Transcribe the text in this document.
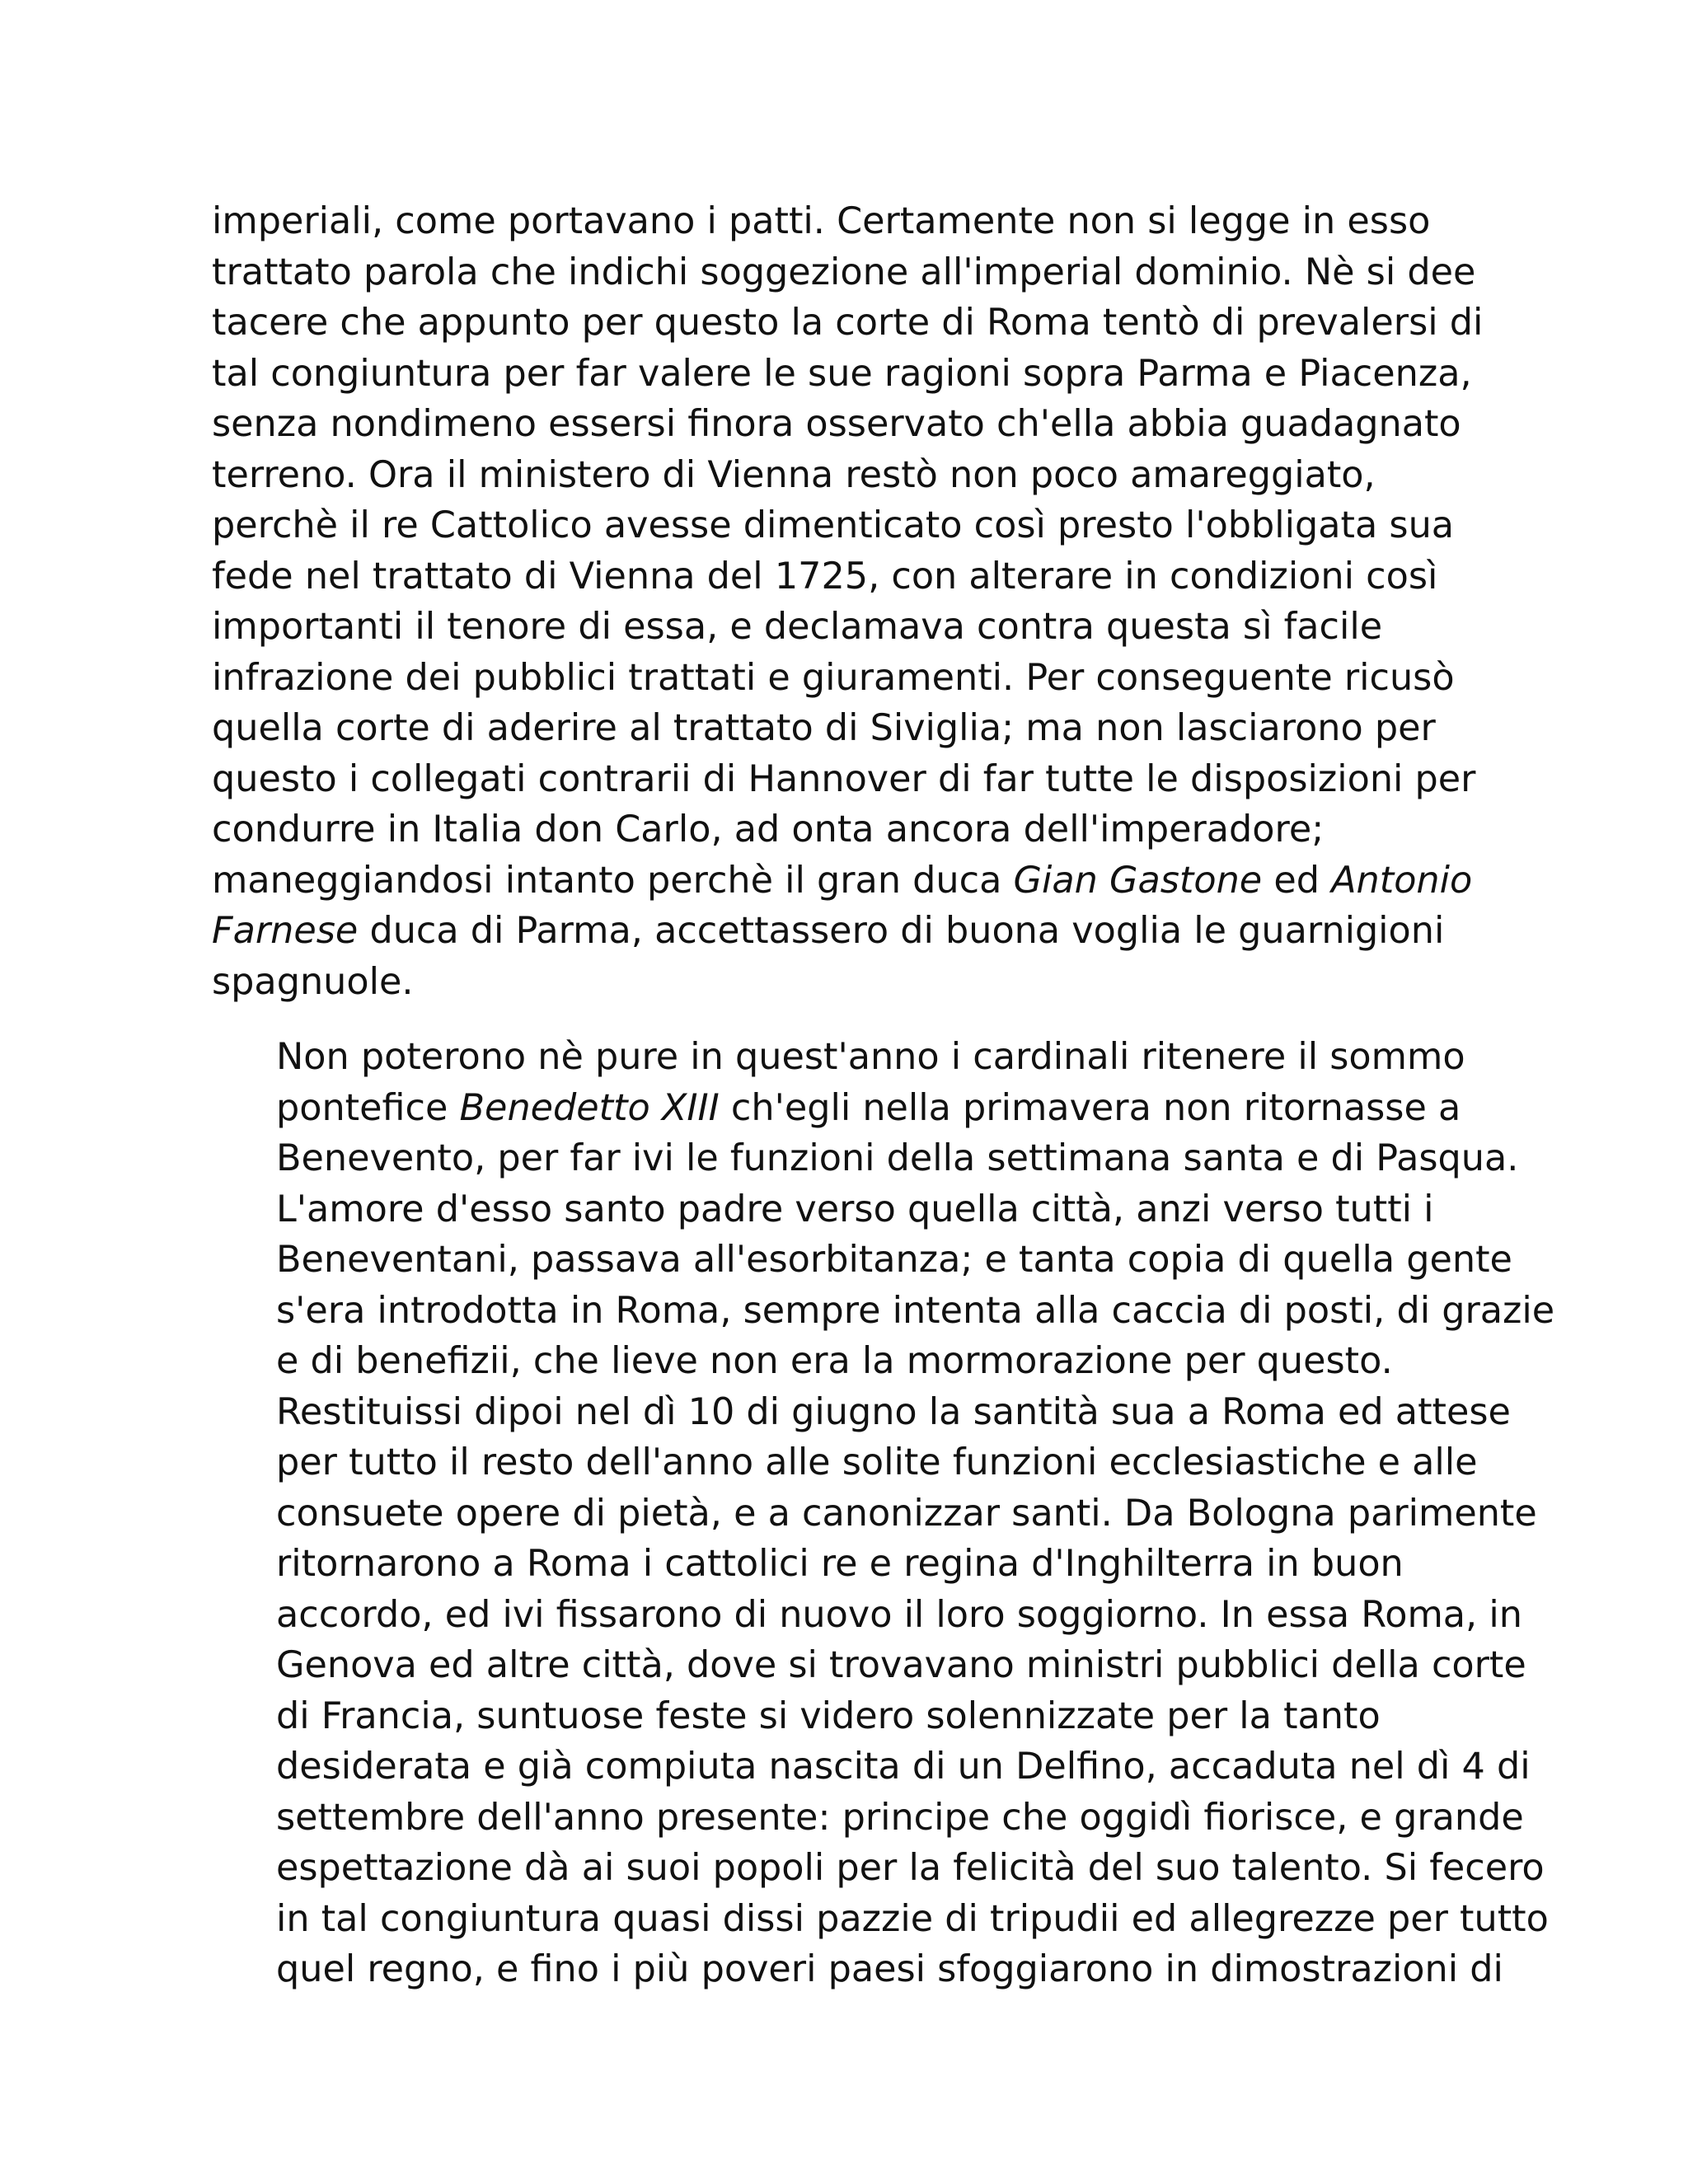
imperiali, come portavano i patti. Certamente non si legge in esso
trattato parola che indichi soggezione all'imperial dominio. Nè si dee
tacere che appunto per questo la corte di Roma tentò di prevalersi di
tal congiuntura per far valere le sue ragioni sopra Parma e Piacenza,
senza nondimeno essersi finora osservato ch'ella abbia guadagnato
terreno. Ora il ministero di Vienna restò non poco amareggiato,
perchè il re Cattolico avesse dimenticato così presto l'obbligata sua
fede nel trattato di Vienna del 1725, con alterare in condizioni così
importanti il tenore di essa, e declamava contra questa sì facile
infrazione dei pubblici trattati e giuramenti. Per conseguente ricusò
quella corte di aderire al trattato di Siviglia; ma non lasciarono per
questo i collegati contrarii di Hannover di far tutte le disposizioni per
condurre in Italia don Carlo, ad onta ancora dell'imperadore;
maneggiandosi intanto perchè il gran duca Gian Gastone ed Antonio
Farnese duca di Parma, accettassero di buona voglia le guarnigioni
spagnuole.

Non poterono nè pure in quest'anno i cardinali ritenere il sommo
pontefice Benedetto XIII ch'egli nella primavera non ritornasse a
Benevento, per far ivi le funzioni della settimana santa e di Pasqua.
L'amore d'esso santo padre verso quella città, anzi verso tutti i
Beneventani, passava all'esorbitanza; e tanta copia di quella gente
s'era introdotta in Roma, sempre intenta alla caccia di posti, di grazie
e di benefizii, che lieve non era la mormorazione per questo.
Restituissi dipoi nel dì 10 di giugno la santità sua a Roma ed attese
per tutto il resto dell'anno alle solite funzioni ecclesiastiche e alle
consuete opere di pietà, e a canonizzar santi. Da Bologna parimente
ritornarono a Roma i cattolici re e regina d'Inghilterra in buon
accordo, ed ivi fissarono di nuovo il loro soggiorno. In essa Roma, in
Genova ed altre città, dove si trovavano ministri pubblici della corte
di Francia, suntuose feste si videro solennizzate per la tanto
desiderata e già compiuta nascita di un Delfino, accaduta nel dì 4 di
settembre dell'anno presente: principe che oggidì fiorisce, e grande
espettazione dà ai suoi popoli per la felicità del suo talento. Si fecero
in tal congiuntura quasi dissi pazzie di tripudii ed allegrezze per tutto
quel regno, e fino i più poveri paesi sfoggiarono in dimostrazioni di
